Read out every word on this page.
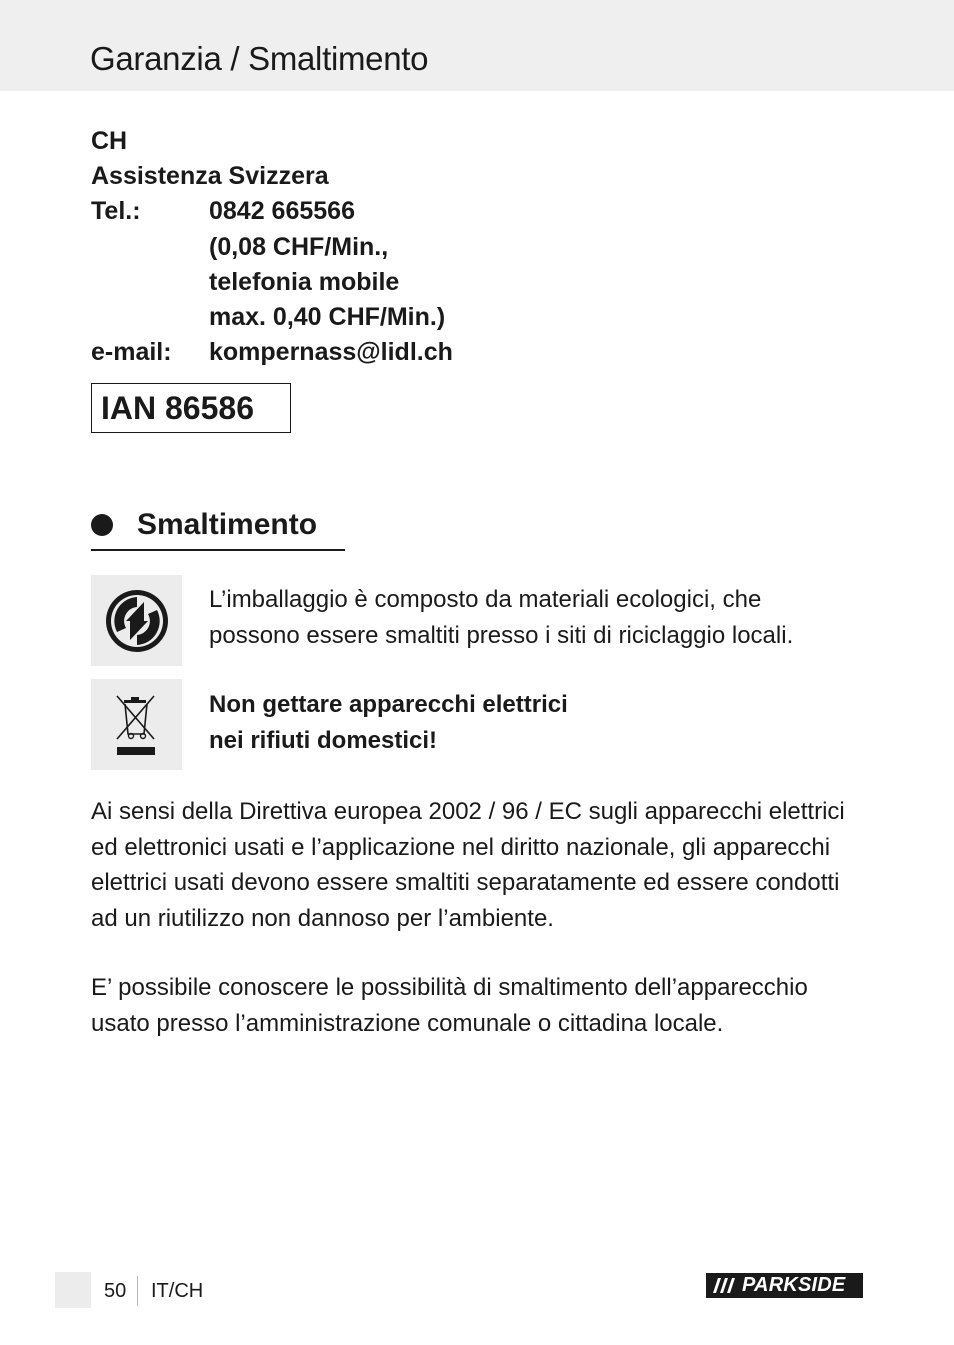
Garanzia / Smaltimento
CH
Assistenza Svizzera
Tel.:	0842 665566
(0,08 CHF/Min.,
telefonia mobile
max. 0,40 CHF/Min.)
e-mail:	kompernass@lidl.ch
IAN 86586
Smaltimento
L’imballaggio è composto da materiali ecologici, che possono essere smaltiti presso i siti di riciclaggio locali.
Non gettare apparecchi elettrici
nei rifiuti domestici!
Ai sensi della Direttiva europea 2002 / 96 / EC sugli apparecchi elettrici ed elettronici usati e l’applicazione nel diritto nazionale, gli apparecchi elettrici usati devono essere smaltiti separatamente ed essere condotti ad un riutilizzo non dannoso per l’ambiente.
E’ possibile conoscere le possibilità di smaltimento dell’apparecchio usato presso l’amministrazione comunale o cittadina locale.
50 IT/CH	PARKSIDE
